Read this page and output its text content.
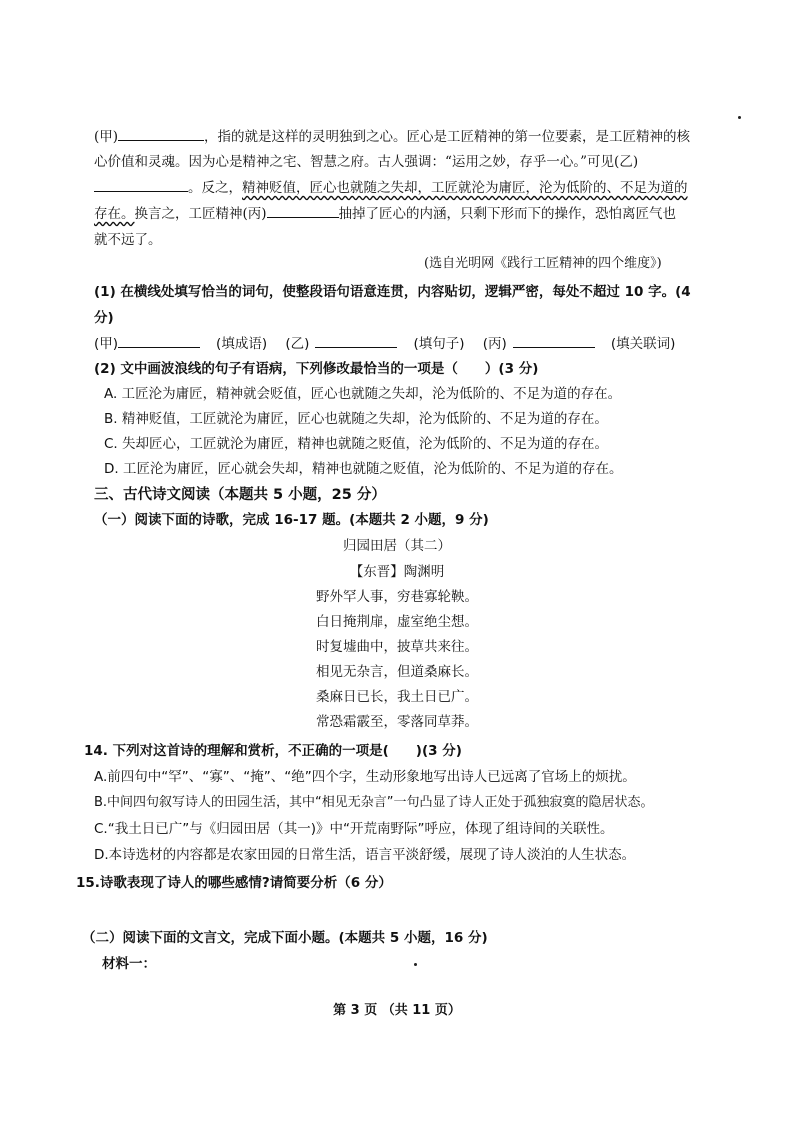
(甲)	，指的就是这样的灵明独到之心。匠心是工匠精神的第一位要素，是工匠精神的核
心价值和灵魂。因为心是精神之宅、智慧之府。古人强调：“运用之妙，存乎一心。”可见(乙)
。反之，精神贬值，匠心也就随之失却，工匠就沦为庸匠，沦为低阶的、不足为道的
存在。换言之，工匠精神(丙)	抽掉了匠心的内涵，只剩下形而下的操作，恐怕离匠气也
就不远了。
(选自光明网《践行工匠精神的四个维度》)
(1) 在横线处填写恰当的词句，使整段语句语意连贯，内容贴切，逻辑严密，每处不超过 10 字。(4
分)
(甲)	(填成语) (乙)	(填句子) (丙)	(填关联词)
(2) 文中画波浪线的句子有语病，下列修改最恰当的一项是（　　）(3 分)
A. 工匠沦为庸匠，精神就会贬值，匠心也就随之失却，沦为低阶的、不足为道的存在。
B. 精神贬值，工匠就沦为庸匠，匠心也就随之失却，沦为低阶的、不足为道的存在。
C. 失却匠心，工匠就沦为庸匠，精神也就随之贬值，沦为低阶的、不足为道的存在。
D. 工匠沦为庸匠，匠心就会失却，精神也就随之贬值，沦为低阶的、不足为道的存在。
三、古代诗文阅读（本题共 5 小题，25 分）
（一）阅读下面的诗歌，完成 16-17 题。(本题共 2 小题，9 分)
归园田居（其二）
【东晋】陶渊明
野外罕人事，穷巷寡轮鞅。
白日掩荆扉，虚室绝尘想。
时复墟曲中，披草共来往。
相见无杂言，但道桑麻长。
桑麻日已长，我土日已广。
常恐霜霰至，零落同草莽。
14. 下列对这首诗的理解和赏析，不正确的一项是(　　)(3 分)
A.前四句中“罕”、“寡”、“掩”、“绝”四个字，生动形象地写出诗人已远离了官场上的烦扰。
B.中间四句叙写诗人的田园生活，其中“相见无杂言”一句凸显了诗人正处于孤独寂寞的隐居状态。
C.“我土日已广”与《归园田居（其一)》中“开荒南野际”呼应，体现了组诗间的关联性。
D.本诗选材的内容都是农家田园的日常生活，语言平淡舒缓，展现了诗人淡泊的人生状态。
15.诗歌表现了诗人的哪些感情?请简要分析（6 分）
（二）阅读下面的文言文，完成下面小题。(本题共 5 小题，16 分)
材料一：
第 3 页 （共 11 页）
